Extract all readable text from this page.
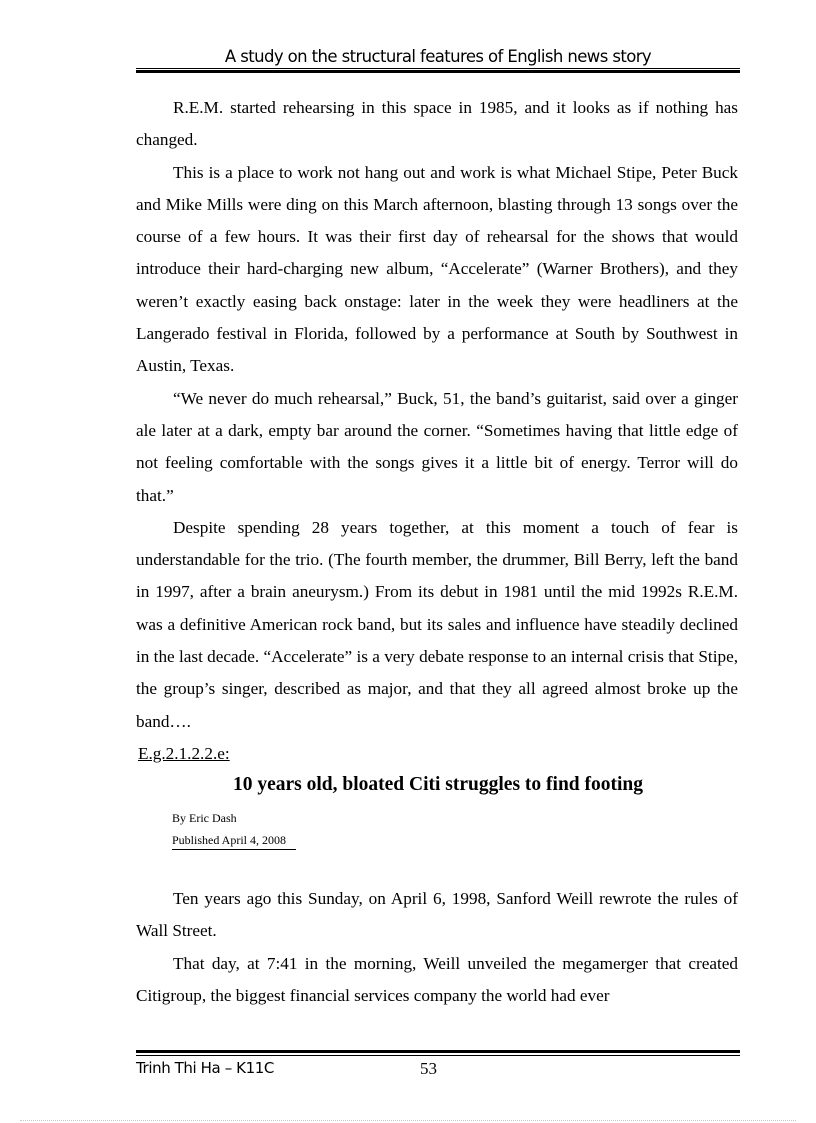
A study on the structural features of English news story

R.E.M. started rehearsing in this space in 1985, and it looks as if nothing has changed.

This is a place to work not hang out and work is what Michael Stipe, Peter Buck and Mike Mills were ding on this March afternoon, blasting through 13 songs over the course of a few hours. It was their first day of rehearsal for the shows that would introduce their hard-charging new album, “Accelerate” (Warner Brothers), and they weren’t exactly easing back onstage: later in the week they were headliners at the Langerado festival in Florida, followed by a performance at South by Southwest in Austin, Texas.

“We never do much rehearsal,” Buck, 51, the band’s guitarist, said over a ginger ale later at a dark, empty bar around the corner. “Sometimes having that little edge of not feeling comfortable with the songs gives it a little bit of energy. Terror will do that.”

Despite spending 28 years together, at this moment a touch of fear is understandable for the trio. (The fourth member, the drummer, Bill Berry, left the band in 1997, after a brain aneurysm.) From its debut in 1981 until the mid 1992s R.E.M. was a definitive American rock band, but its sales and influence have steadily declined in the last decade. “Accelerate” is a very debate response to an internal crisis that Stipe, the group’s singer, described as major, and that they all agreed almost broke up the band….

E.g.2.1.2.2.e:

10 years old, bloated Citi struggles to find footing
By Eric Dash
Published April 4, 2008

Ten years ago this Sunday, on April 6, 1998, Sanford Weill rewrote the rules of Wall Street.

That day, at 7:41 in the morning, Weill unveiled the megamerger that created Citigroup, the biggest financial services company the world had ever

Trinh Thi Ha – K11C	53
